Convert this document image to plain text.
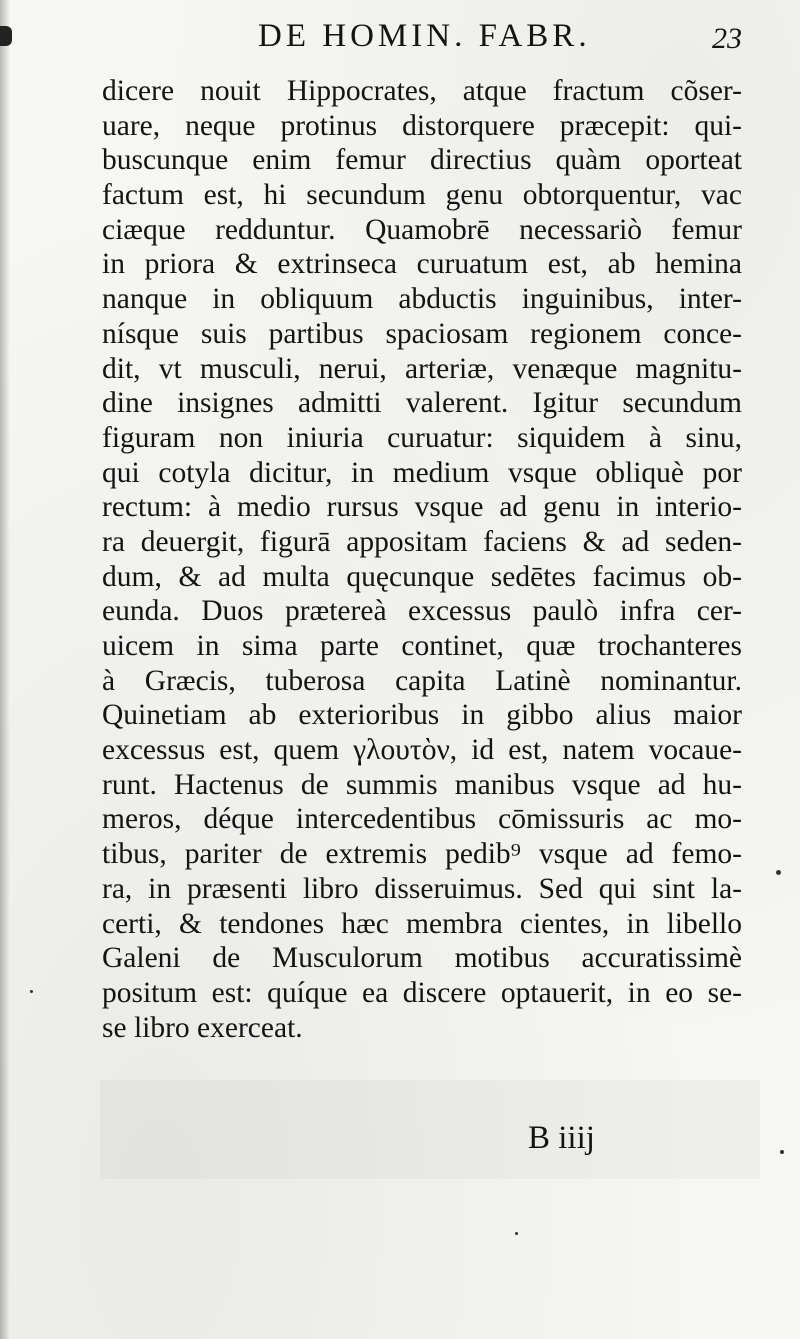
DE HOMIN. FABR.	23
dicere nouit Hippocrates, atque fractum cõser-
uare, neque protinus distorquere præcepit: qui-
buscunque enim femur directius quàm oporteat
factum est, hi secundum genu obtorquentur, vac
ciæque redduntur. Quamobrē necessariò femur
in priora & extrinseca curuatum est, ab hemina
nanque in obliquum abductis inguinibus, inter-
nísque suis partibus spaciosam regionem conce-
dit, vt musculi, nerui, arteriæ, venæque magnitu-
dine insignes admitti valerent. Igitur secundum
figuram non iniuria curuatur: siquidem à sinu,
qui cotyla dicitur, in medium vsque obliquè por
rectum: à medio rursus vsque ad genu in interio-
ra deuergit, figurā appositam faciens & ad seden-
dum, & ad multa quęcunque sedētes facimus ob-
eunda. Duos prætereà excessus paulò infra cer-
uicem in sima parte continet, quæ trochanteres
à Græcis, tuberosa capita Latinè nominantur.
Quinetiam ab exterioribus in gibbo alius maior
excessus est, quem γλουτὸν, id est, natem vocaue-
runt. Hactenus de summis manibus vsque ad hu-
meros, déque intercedentibus cōmissuris ac mo-
tibus, pariter de extremis pedib⁹ vsque ad femo-
ra, in præsenti libro disseruimus. Sed qui sint la-
certi, & tendones hæc membra cientes, in libello
Galeni de Musculorum motibus accuratissimè
positum est: quíque ea discere optauerit, in eo se-
se libro exerceat.
B iiij
